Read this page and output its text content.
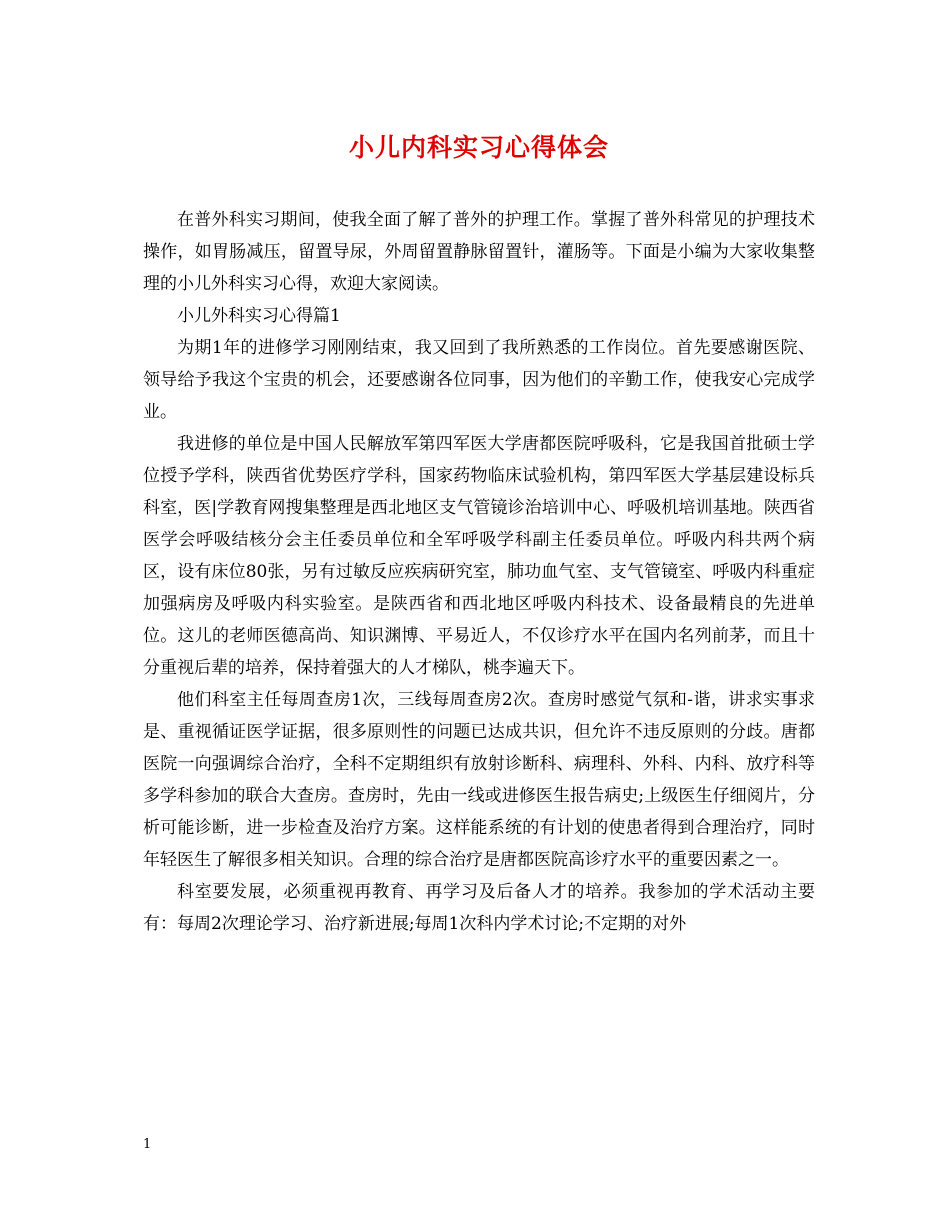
小儿内科实习心得体会

在普外科实习期间，使我全面了解了普外的护理工作。掌握了普外科常见的护理技术操作，如胃肠减压，留置导尿，外周留置静脉留置针，灌肠等。下面是小编为大家收集整理的小儿外科实习心得，欢迎大家阅读。

小儿外科实习心得篇1

为期1年的进修学习刚刚结束，我又回到了我所熟悉的工作岗位。首先要感谢医院、领导给予我这个宝贵的机会，还要感谢各位同事，因为他们的辛勤工作，使我安心完成学业。

我进修的单位是中国人民解放军第四军医大学唐都医院呼吸科，它是我国首批硕士学位授予学科，陕西省优势医疗学科，国家药物临床试验机构，第四军医大学基层建设标兵科室，医|学教育网搜集整理是西北地区支气管镜诊治培训中心、呼吸机培训基地。陕西省医学会呼吸结核分会主任委员单位和全军呼吸学科副主任委员单位。呼吸内科共两个病区，设有床位80张，另有过敏反应疾病研究室，肺功血气室、支气管镜室、呼吸内科重症加强病房及呼吸内科实验室。是陕西省和西北地区呼吸内科技术、设备最精良的先进单位。这儿的老师医德高尚、知识渊博、平易近人，不仅诊疗水平在国内名列前茅，而且十分重视后辈的培养，保持着强大的人才梯队，桃李遍天下。

他们科室主任每周查房1次，三线每周查房2次。查房时感觉气氛和-谐，讲求实事求是、重视循证医学证据，很多原则性的问题已达成共识，但允许不违反原则的分歧。唐都医院一向强调综合治疗，全科不定期组织有放射诊断科、病理科、外科、内科、放疗科等多学科参加的联合大查房。查房时，先由一线或进修医生报告病史;上级医生仔细阅片，分析可能诊断，进一步检查及治疗方案。这样能系统的有计划的使患者得到合理治疗，同时年轻医生了解很多相关知识。合理的综合治疗是唐都医院高诊疗水平的重要因素之一。

科室要发展，必须重视再教育、再学习及后备人才的培养。我参加的学术活动主要有：每周2次理论学习、治疗新进展;每周1次科内学术讨论;不定期的对外

1
